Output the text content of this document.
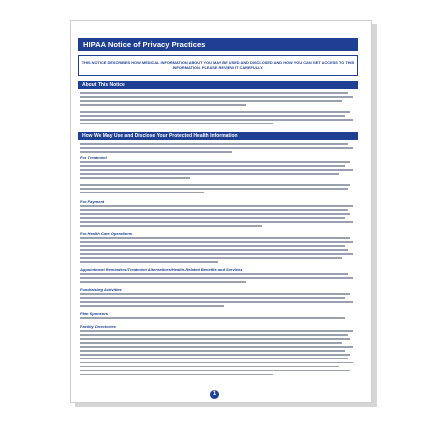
HIPAA Notice of Privacy Practices
THIS NOTICE DESCRIBES HOW MEDICAL INFORMATION ABOUT YOU MAY BE USED AND DISCLOSED AND HOW YOU CAN GET ACCESS TO THIS INFORMATION. PLEASE REVIEW IT CAREFULLY.
About This Notice
How We May Use and Disclose Your Protected Health Information
For Treatment
For Payment
For Health Care Operations
Appointment Reminders/Treatment Alternatives/Health-Related Benefits and Services
Fundraising Activities
Plan Sponsors
Facility Directories
1
